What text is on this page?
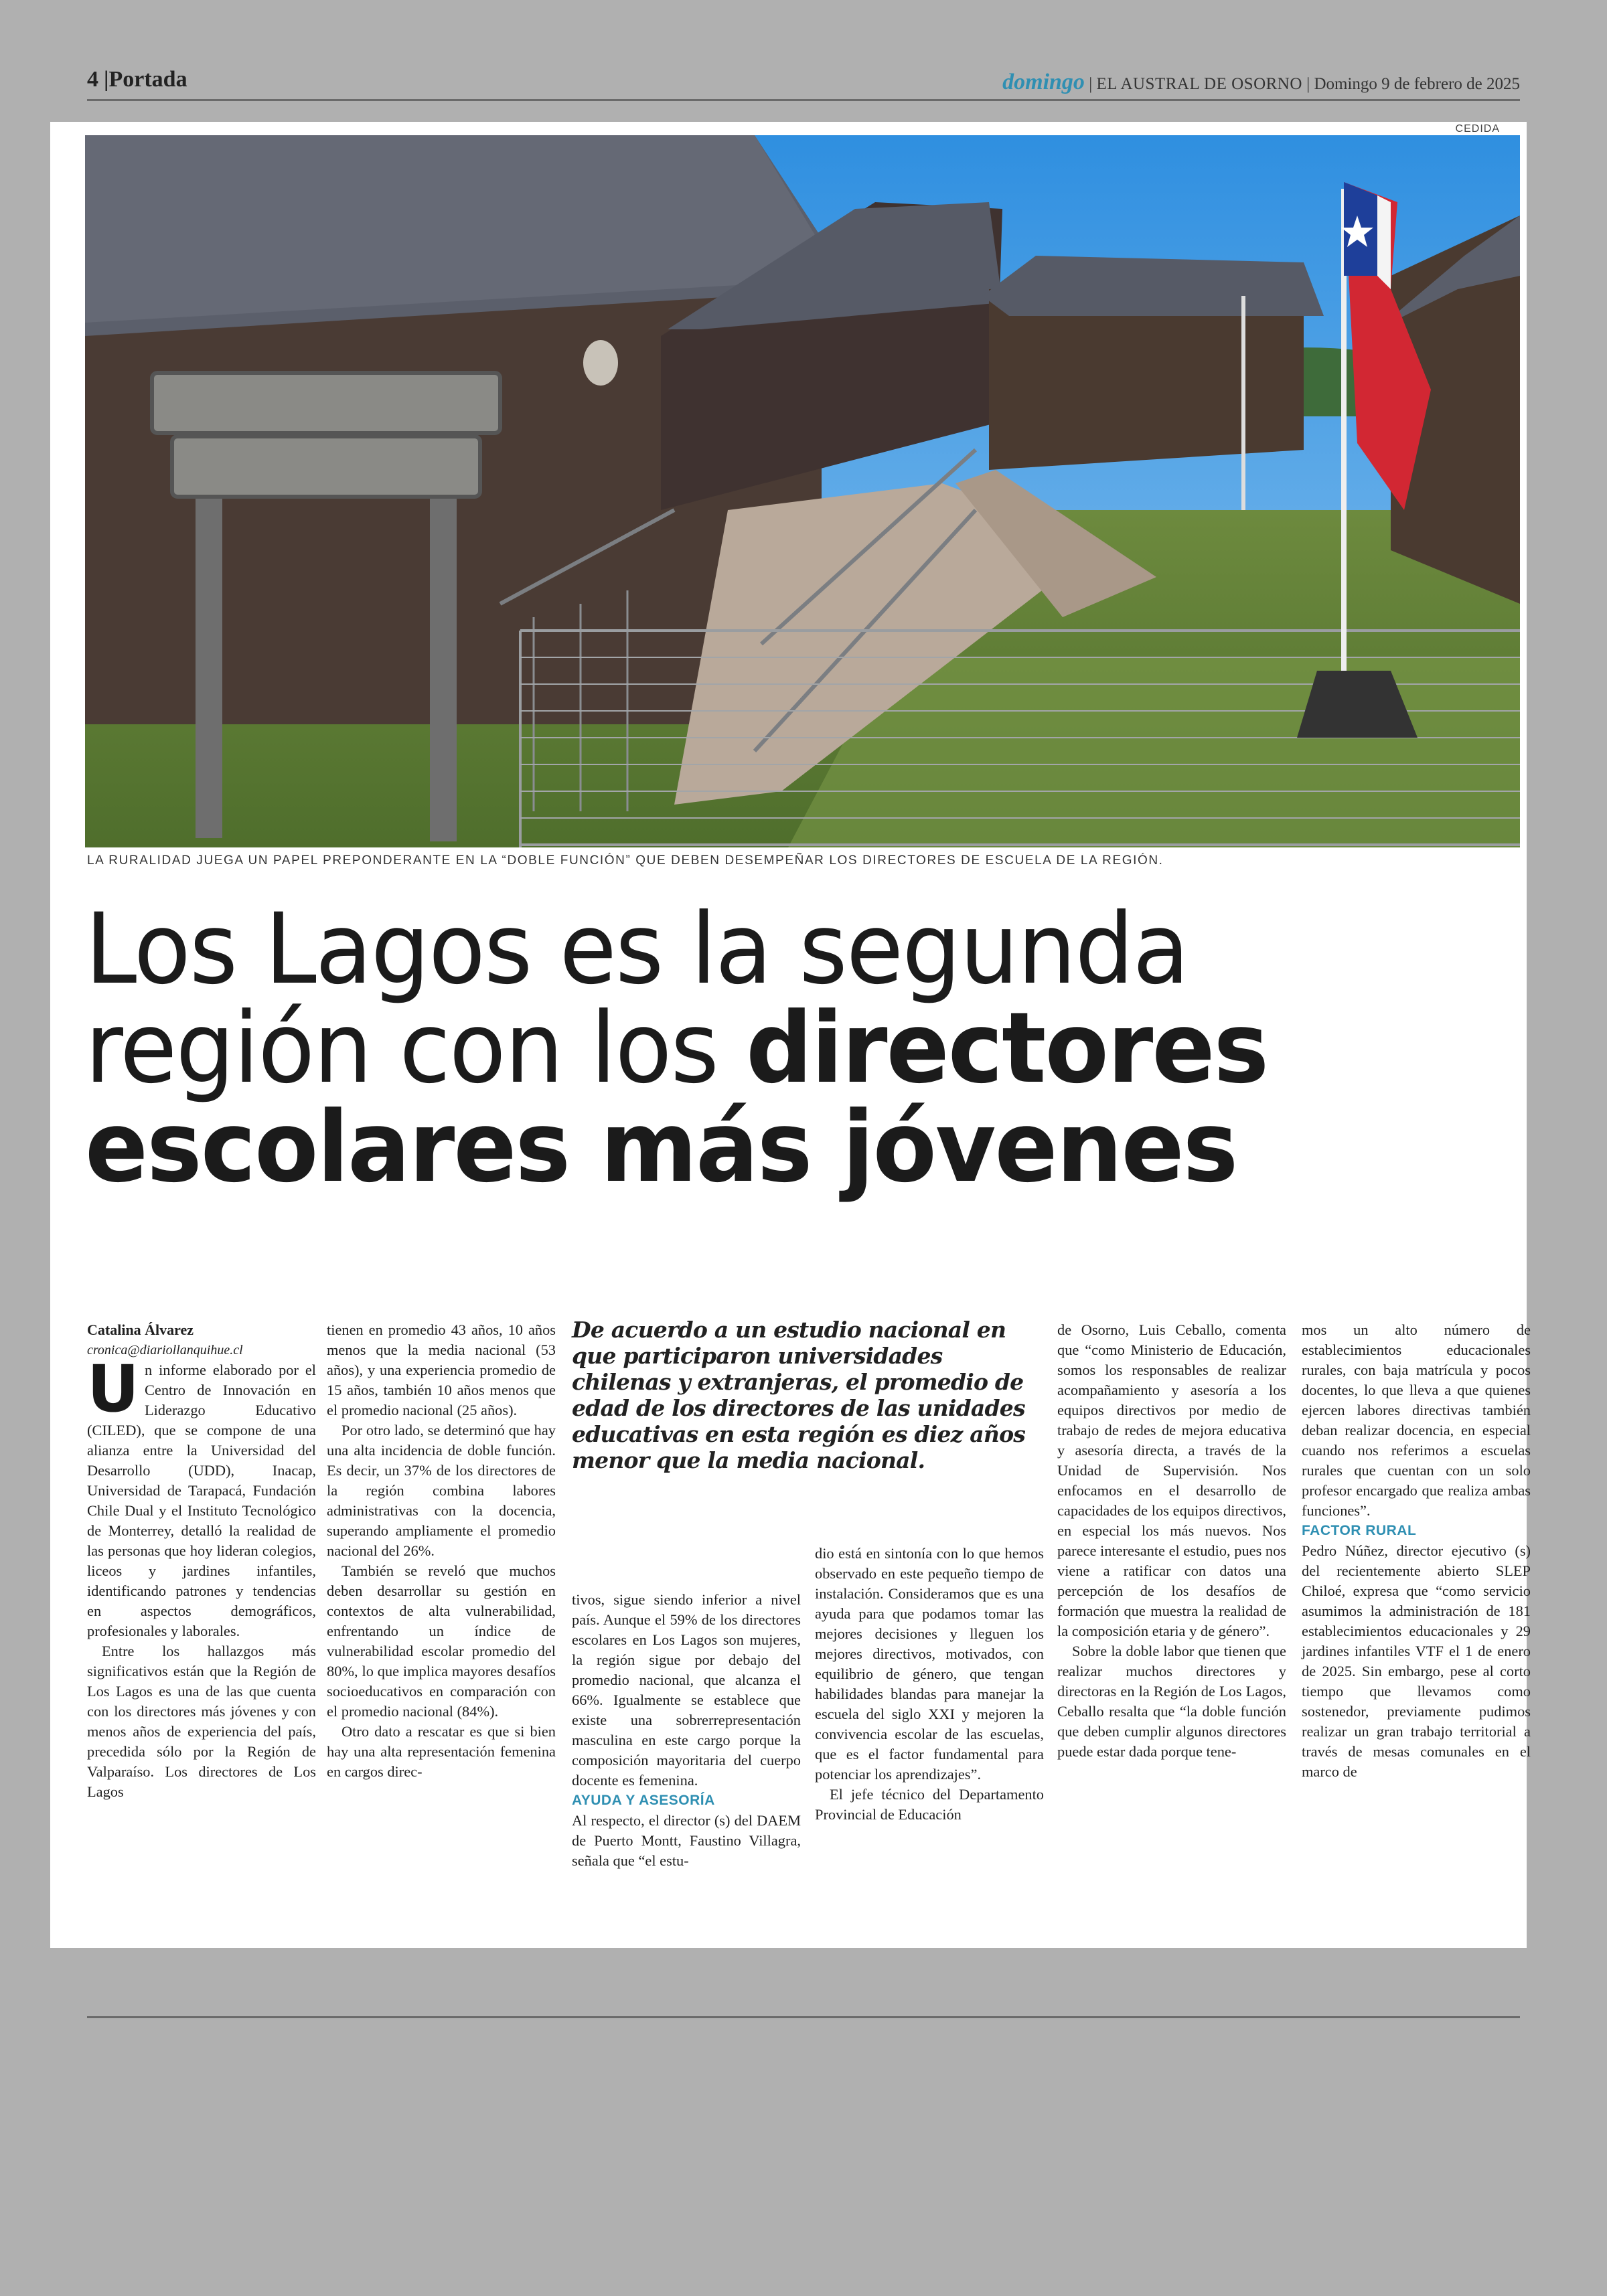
4 |Portada	domingo | EL AUSTRAL DE OSORNO | Domingo 9 de febrero de 2025
CEDIDA
LA RURALIDAD JUEGA UN PAPEL PREPONDERANTE EN LA “DOBLE FUNCIÓN” QUE DEBEN DESEMPEÑAR LOS DIRECTORES DE ESCUELA DE LA REGIÓN.
Los Lagos es la segunda
región con los directores
escolares más jóvenes

Catalina Álvarez

cronica@diariollanquihue.cl

Un informe elaborado por el Centro de Innovación en Liderazgo Educativo (CILED), que se compone de una alianza entre la Universidad del Desarrollo (UDD), Inacap, Universidad de Tarapacá, Fundación Chile Dual y el Instituto Tecnológico de Monterrey, detalló la realidad de las personas que hoy lideran colegios, liceos y jardines infantiles, identificando patrones y tendencias en aspectos demográficos, profesionales y laborales.

Entre los hallazgos más significativos están que la Región de Los Lagos es una de las que cuenta con los directores más jóvenes y con menos años de experiencia del país, precedida sólo por la Región de Valparaíso. Los directores de Los Lagos

tienen en promedio 43 años, 10 años menos que la media nacional (53 años), y una experiencia promedio de 15 años, también 10 años menos que el promedio nacional (25 años).

Por otro lado, se determinó que hay una alta incidencia de doble función. Es decir, un 37% de los directores de la región combina labores administrativas con la docencia, superando ampliamente el promedio nacional del 26%.

También se reveló que muchos deben desarrollar su gestión en contextos de alta vulnerabilidad, enfrentando un índice de vulnerabilidad escolar promedio del 80%, lo que implica mayores desafíos socioeducativos en comparación con el promedio nacional (84%).

Otro dato a rescatar es que si bien hay una alta representación femenina en cargos direc-

De acuerdo a un estudio nacional en que participaron universidades chilenas y extranjeras, el promedio de edad de los directores de las unidades educativas en esta región es diez años menor que la media nacional.

tivos, sigue siendo inferior a nivel país. Aunque el 59% de los directores escolares en Los Lagos son mujeres, la región sigue por debajo del promedio nacional, que alcanza el 66%. Igualmente se establece que existe una sobrerrepresentación masculina en este cargo porque la composición mayoritaria del cuerpo docente es femenina.

AYUDA Y ASESORÍA

Al respecto, el director (s) del DAEM de Puerto Montt, Faustino Villagra, señala que “el estu-

dio está en sintonía con lo que hemos observado en este pequeño tiempo de instalación. Consideramos que es una ayuda para que podamos tomar las mejores decisiones y lleguen los mejores directivos, motivados, con equilibrio de género, que tengan habilidades blandas para manejar la escuela del siglo XXI y mejoren la convivencia escolar de las escuelas, que es el factor fundamental para potenciar los aprendizajes”.

El jefe técnico del Departamento Provincial de Educación

de Osorno, Luis Ceballo, comenta que “como Ministerio de Educación, somos los responsables de realizar acompañamiento y asesoría a los equipos directivos por medio de trabajo de redes de mejora educativa y asesoría directa, a través de la Unidad de Supervisión. Nos enfocamos en el desarrollo de capacidades de los equipos directivos, en especial los más nuevos. Nos parece interesante el estudio, pues nos viene a ratificar con datos una percepción de los desafíos de formación que muestra la realidad de la composición etaria y de género”.

Sobre la doble labor que tienen que realizar muchos directores y directoras en la Región de Los Lagos, Ceballo resalta que “la doble función que deben cumplir algunos directores puede estar dada porque tene-

mos un alto número de establecimientos educacionales rurales, con baja matrícula y pocos docentes, lo que lleva a que quienes ejercen labores directivas también deban realizar docencia, en especial cuando nos referimos a escuelas rurales que cuentan con un solo profesor encargado que realiza ambas funciones”.

FACTOR RURAL

Pedro Núñez, director ejecutivo (s) del recientemente abierto SLEP Chiloé, expresa que “como servicio asumimos la administración de 181 establecimientos educacionales y 29 jardines infantiles VTF el 1 de enero de 2025. Sin embargo, pese al corto tiempo que llevamos como sostenedor, previamente pudimos realizar un gran trabajo territorial a través de mesas comunales en el marco de
